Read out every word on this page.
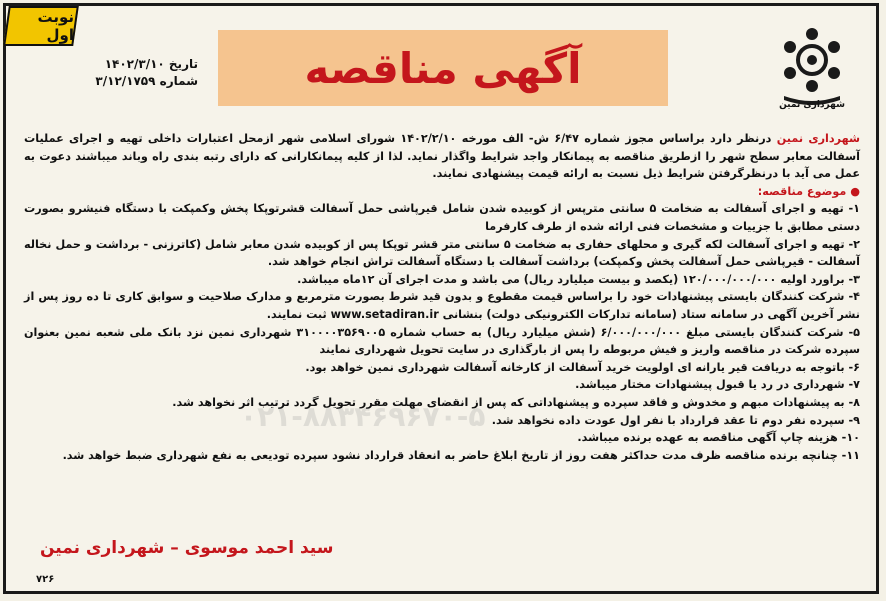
نوبت اول
آگهی مناقصه
تاریخ ۱۴۰۲/۳/۱۰
شماره ۳/۱۲/۱۷۵۹
شهرداری نمین

شهرداری نمین درنظر دارد براساس مجوز شماره ۶/۴۷ ش- الف مورخه ۱۴۰۲/۲/۱۰ شورای اسلامی شهر ازمحل اعتبارات داخلی تهیه و اجرای عملیات آسفالت معابر سطح شهر را ازطریق مناقصه به پیمانکار واجد شرایط واگذار نماید. لذا از کلیه پیمانکارانی که دارای رتبه بندی راه وباند میباشند دعوت به عمل می آید با درنظرگرفتن شرایط ذیل نسبت به ارائه قیمت پیشنهادی نمایند.

● موضوع مناقصه:

۱- تهیه و اجرای آسفالت به ضخامت ۵ سانتی مترپس از کوبیده شدن شامل قیرپاشی حمل آسفالت قشرتوپکا پخش وکمپکت با دستگاه فنیشرو بصورت دستی مطابق با جزییات و مشخصات فنی ارائه شده از طرف کارفرما

۲- تهیه و اجرای آسفالت لکه گیری و محلهای حفاری به ضخامت ۵ سانتی متر قشر توپکا پس از کوبیده شدن معابر شامل (کاترزنی - برداشت و حمل نخاله آسفالت - قیرپاشی حمل آسفالت پخش وکمپکت) برداشت آسفالت با دستگاه آسفالت تراش انجام خواهد شد.

۳- براورد اولیه ۱۲۰/۰۰۰/۰۰۰/۰۰۰ (یکصد و بیست میلیارد ریال) می باشد و مدت اجرای آن ۱۲ماه میباشد.

۴- شرکت کنندگان بایستی پیشنهادات خود را براساس قیمت مقطوع و بدون قید شرط بصورت مترمربع و مدارک صلاحیت و سوابق کاری تا ده روز پس از نشر آخرین آگهی در سامانه ستاد (سامانه تدارکات الکترونیکی دولت) بنشانی www.setadiran.ir ثبت نمایند.

۵- شرکت کنندگان بایستی مبلغ ۶/۰۰۰/۰۰۰/۰۰۰ (شش میلیارد ریال) به حساب شماره ۳۱۰۰۰۰۳۵۶۹۰۰۵ شهرداری نمین نزد بانک ملی شعبه نمین بعنوان سپرده شرکت در مناقصه واریز و فیش مربوطه را پس از بارگذاری در سایت تحویل شهرداری نمایند

۶- باتوجه به دریافت قیر یارانه ای اولویت خرید آسفالت از کارخانه آسفالت شهرداری نمین خواهد بود.

۷- شهرداری در رد یا قبول پیشنهادات مختار میباشد.

۸- به پیشنهادات مبهم و مخدوش و فاقد سپرده و پیشنهاداتی که پس از انقضای مهلت مقرر تحویل گردد ترتیب اثر نخواهد شد.

۹- سپرده نفر دوم تا عقد قرارداد با نفر اول عودت داده نخواهد شد.

۱۰- هزینه چاپ آگهی مناقصه به عهده برنده میباشد.

۱۱- چنانچه برنده مناقصه ظرف مدت حداکثر هفت روز از تاریخ ابلاغ حاضر به انعقاد قرارداد نشود سپرده تودیعی به نفع شهرداری ضبط خواهد شد.

۰۲۱-۸۸۳۴۶۹۶۷۰-۵
سید احمد موسوی – شهرداری نمین
۷۲۶
